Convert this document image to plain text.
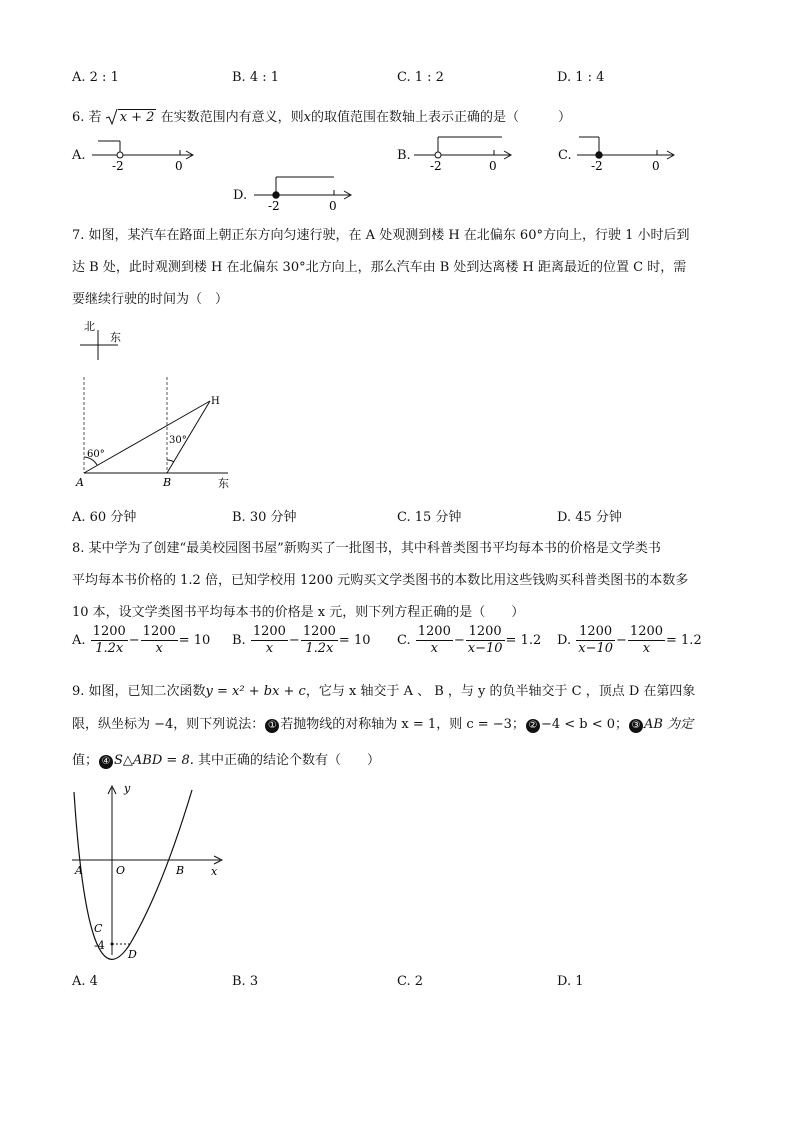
A. 2 : 1	B. 4 : 1	C. 1 : 2	D. 1 : 4
6. 若 x + 2 在实数范围内有意义，则x的取值范围在数轴上表示正确的是（　　　）
A.
-2	0
B.
-2	0
C.
-2	0
D.
-2	0
7. 如图，某汽车在路面上朝正东方向匀速行驶，在 A 处观测到楼 H 在北偏东 60°方向上，行驶 1 小时后到
达 B 处，此时观测到楼 H 在北偏东 30°北方向上，那么汽车由 B 处到达离楼 H 距离最近的位置 C 时，需
要继续行驶的时间为（　）
北
东
60°
30°
A	B
H
东
A. 60 分钟	B. 30 分钟	C. 15 分钟	D. 45 分钟
8. 某中学为了创建“最美校园图书屋”新购买了一批图书，其中科普类图书平均每本书的价格是文学类书
平均每本书价格的 1.2 倍，已知学校用 1200 元购买文学类图书的本数比用这些钱购买科普类图书的本数多
10 本，设文学类图书平均每本书的价格是 x 元，则下列方程正确的是（　　）
A.
$\frac{1200}{1.2x} - \frac{1200}{x} = 10$ B.
$\frac{1200}{x} - \frac{1200}{1.2x} = 10$ C.
$\frac{1200}{x} - \frac{1200}{x-10} = 1.2$ D.
$\frac{1200}{x-10} - \frac{1200}{x} = 1.2$
9. 如图，已知二次函数y = x² + bx + c，它与 x 轴交于 A 、 B ，与 y 的负半轴交于 C ，顶点 D 在第四象
限，纵坐标为 −4，则下列说法： ① 若抛物线的对称轴为 x = 1，则 c = −3； ② −4 < b < 0； ③ AB 为定
值； ④ S△ABD = 8. 其中正确的结论个数有（　　）
y
x
O
A	B
C
D
-4
A. 4	B. 3	C. 2	D. 1
